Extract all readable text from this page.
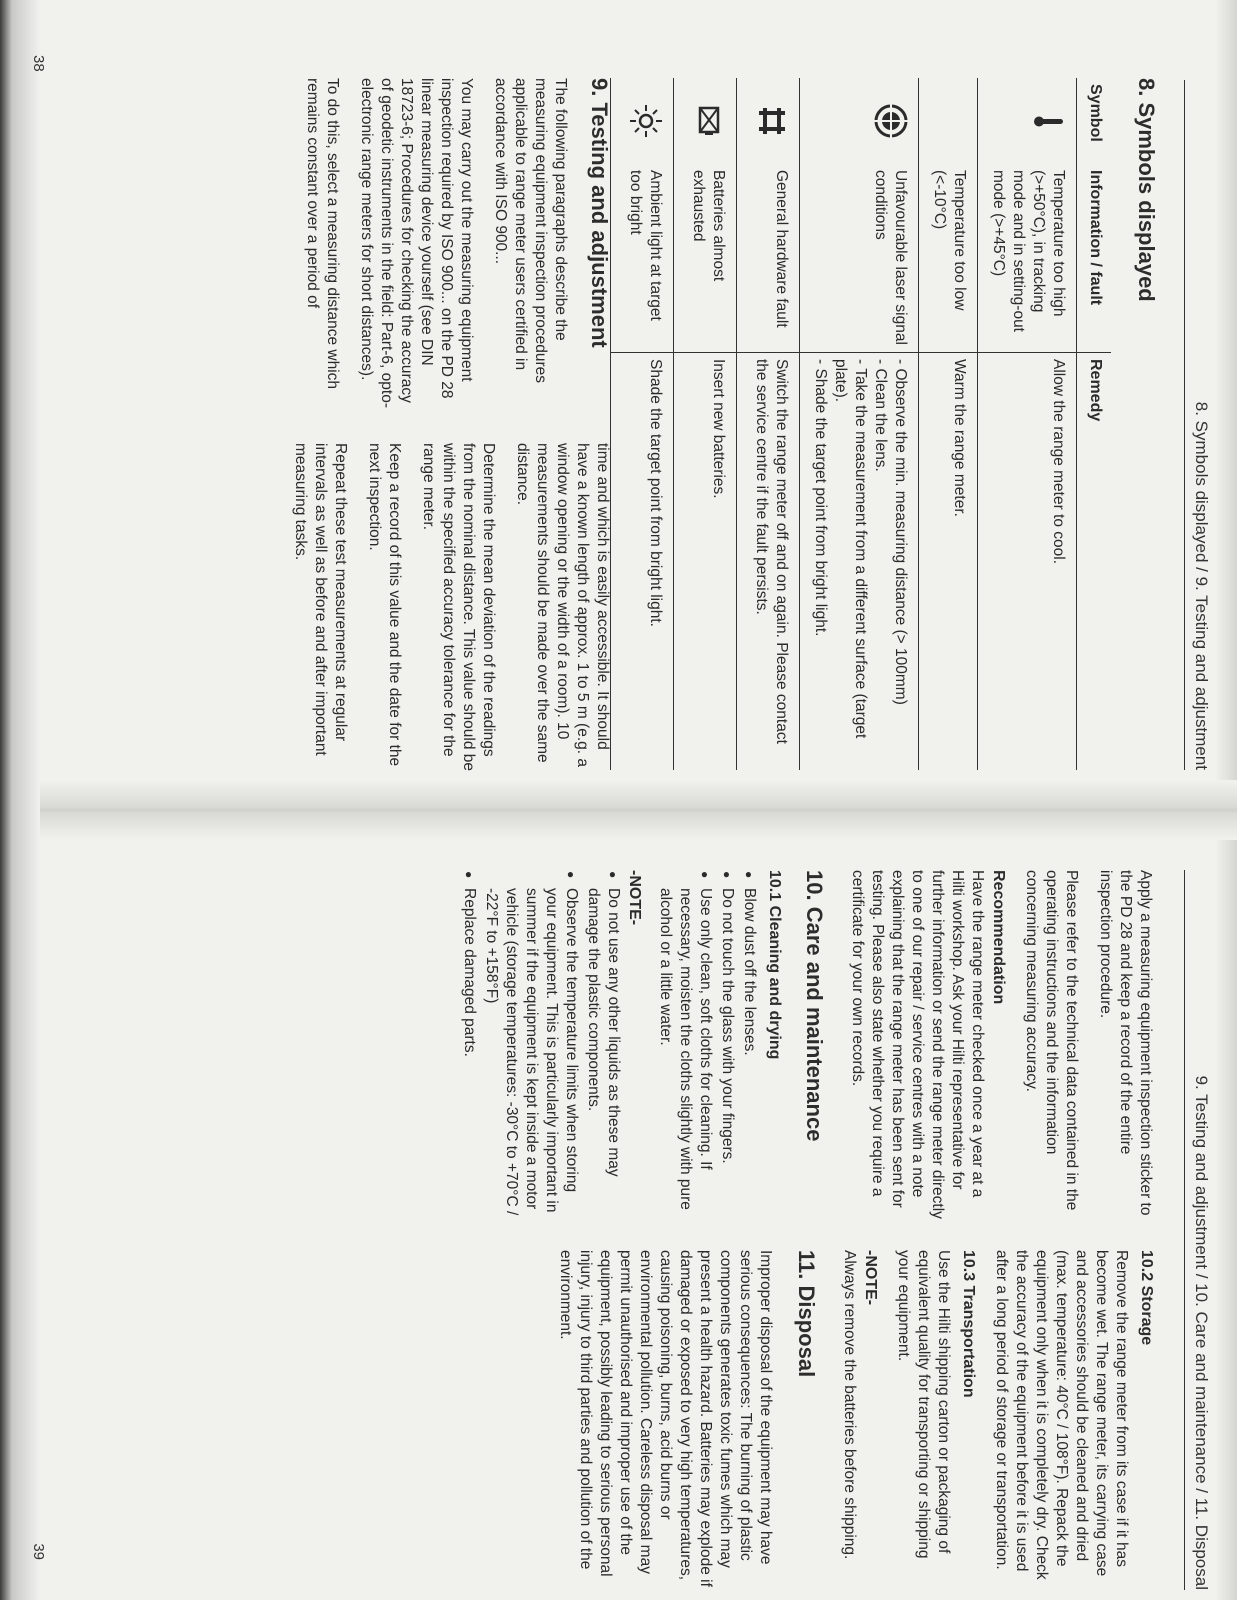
8. Symbols displayed / 9. Testing and adjustment
8. Symbols displayed
Symbol	Information / fault	Remedy
	Temperature too high (>+50°C), in tracking mode and in setting-out mode (>+45°C)	Allow the range meter to cool.
	Temperature too low (<-10°C)	Warm the range meter.
	Unfavourable laser signal conditions	- Observe the min. measuring distance (> 100mm)
- Clean the lens.
- Take the measurement from a different surface (target plate).
- Shade the target point from bright light.

	General hardware fault	Switch the range meter off and on again. Please contact the service centre if the fault persists.
	Batteries almost exhausted	Insert new batteries.
	Ambient light at target too bright	Shade the target point from bright light.
9. Testing and adjustment

The following paragraphs describe the measuring equipment inspection procedures applicable to range meter users certified in accordance with ISO 900...

You may carry out the measuring equipment inspection required by ISO 900... on the PD 28 linear measuring device yourself (see DIN 18723-6; Procedures for checking the accuracy of geodetic instruments in the field: Part-6, opto-electronic range meters for short distances).

To do this, select a measuring distance which remains constant over a period of

time and which is easily accessible. It should have a known length of approx. 1 to 5 m (e.g. a window opening or the width of a room). 10 measurements should be made over the same distance.

Determine the mean deviation of the readings from the nominal distance. This value should be within the specified accuracy tolerance for the range meter.

Keep a record of this value and the date for the next inspection.

Repeat these test measurements at regular intervals as well as before and after important measuring tasks.

38
9. Testing and adjustment / 10. Care and maintenance / 11. Disposal

Apply a measuring equipment inspection sticker to the PD 28 and keep a record of the entire inspection procedure.

Please refer to the technical data contained in the operating instructions and the information concerning measuring accuracy.

Recommendation

Have the range meter checked once a year at a Hilti workshop. Ask your Hilti representative for further information or send the range meter directly to one of our repair / service centres with a note explaining that the range meter has been sent for testing. Please also state whether you require a certificate for your own records.

10. Care and maintenance
10.1 Cleaning and drying
● Blow dust off the lenses.
● Do not touch the glass with your fingers.
● Use only clean, soft cloths for cleaning. If necessary, moisten the cloths slightly with pure alcohol or a little water.
-NOTE-
● Do not use any other liquids as these may damage the plastic components.
● Observe the temperature limits when storing your equipment. This is particularly important in summer if the equipment is kept inside a motor vehicle (storage temperatures: -30°C to +70°C / -22°F to +158°F)
● Replace damaged parts.
10.2 Storage

Remove the range meter from its case if it has become wet. The range meter, its carrying case and accessories should be cleaned and dried (max. temperature: 40°C / 108°F). Repack the equipment only when it is completely dry. Check the accuracy of the equipment before it is used after a long period of storage or transportation.

10.3 Transportation

Use the Hilti shipping carton or packaging of equivalent quality for transporting or shipping your equipment.

-NOTE-

Always remove the batteries before shipping.

11. Disposal

Improper disposal of the equipment may have serious consequences: The burning of plastic components generates toxic fumes which may present a health hazard. Batteries may explode if damaged or exposed to very high temperatures, causing poisoning, burns, acid burns or environmental pollution. Careless disposal may permit unauthorised and improper use of the equipment, possibly leading to serious personal injury, injury to third parties and pollution of the environment.

39
